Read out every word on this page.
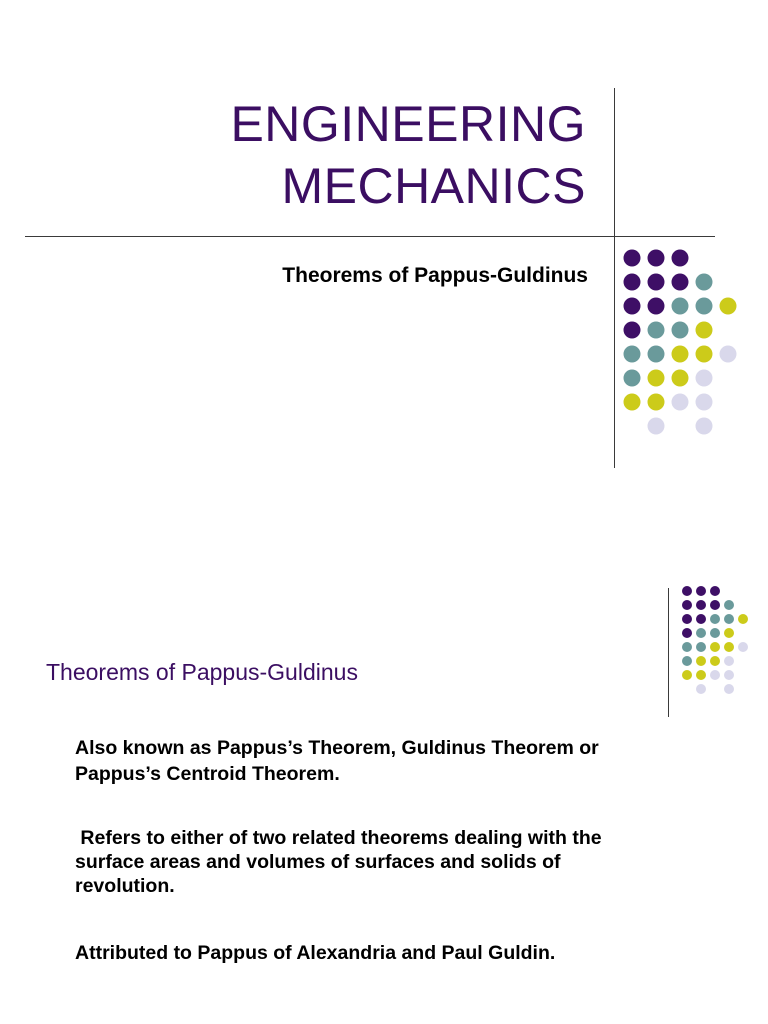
ENGINEERING
MECHANICS
Theorems of Pappus-Guldinus
Theorems of Pappus-Guldinus
Also known as Pappus’s Theorem, Guldinus Theorem or
Pappus’s Centroid Theorem.
Refers to either of two related theorems dealing with the
surface areas and volumes of surfaces and solids of
revolution.
Attributed to Pappus of Alexandria and Paul Guldin.
